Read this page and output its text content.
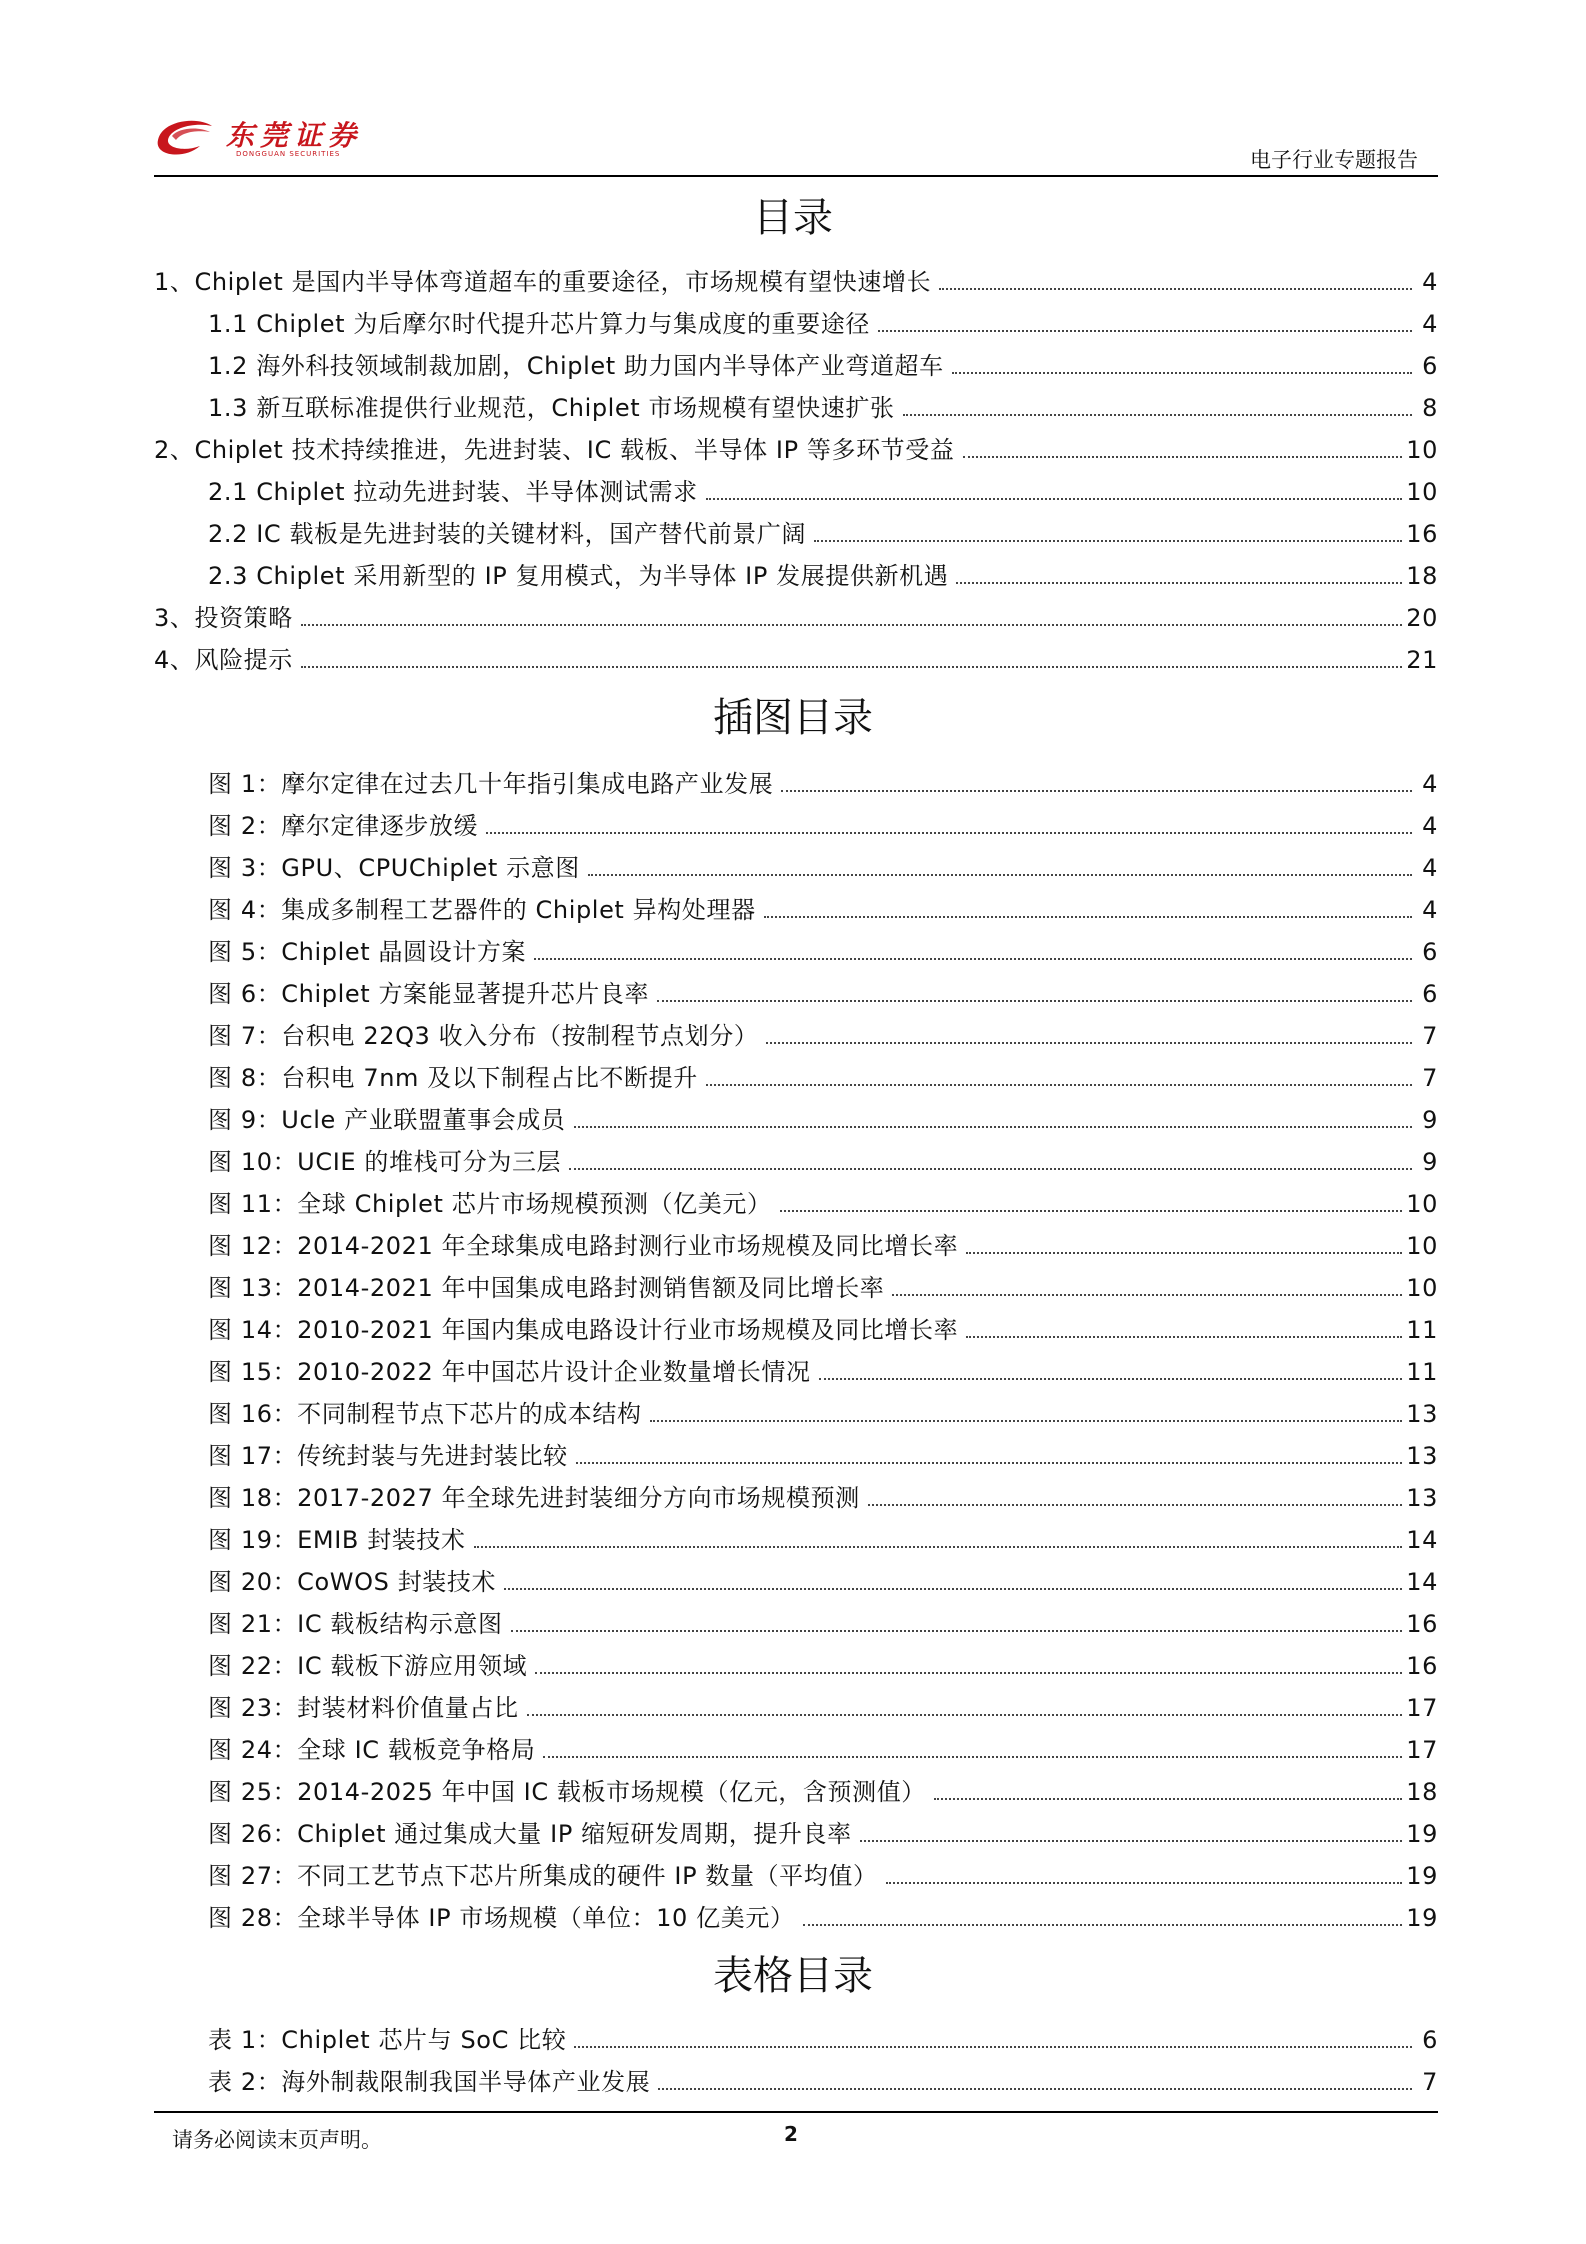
东莞证券
DONGGUAN SECURITIES	电子行业专题报告
目录
1、Chiplet 是国内半导体弯道超车的重要途径，市场规模有望快速增长	4
1.1 Chiplet 为后摩尔时代提升芯片算力与集成度的重要途径	4
1.2 海外科技领域制裁加剧，Chiplet 助力国内半导体产业弯道超车	6
1.3 新互联标准提供行业规范，Chiplet 市场规模有望快速扩张	8
2、Chiplet 技术持续推进，先进封装、IC 载板、半导体 IP 等多环节受益	10
2.1 Chiplet 拉动先进封装、半导体测试需求	10
2.2 IC 载板是先进封装的关键材料，国产替代前景广阔	16
2.3 Chiplet 采用新型的 IP 复用模式，为半导体 IP 发展提供新机遇	18
3、投资策略	20
4、风险提示	21
插图目录
图 1：摩尔定律在过去几十年指引集成电路产业发展	4
图 2：摩尔定律逐步放缓	4
图 3：GPU、CPUChiplet 示意图	4
图 4：集成多制程工艺器件的 Chiplet 异构处理器	4
图 5：Chiplet 晶圆设计方案	6
图 6：Chiplet 方案能显著提升芯片良率	6
图 7：台积电 22Q3 收入分布（按制程节点划分）	7
图 8：台积电 7nm 及以下制程占比不断提升	7
图 9：Ucle 产业联盟董事会成员	9
图 10：UCIE 的堆栈可分为三层	9
图 11：全球 Chiplet 芯片市场规模预测（亿美元）	10
图 12：2014-2021 年全球集成电路封测行业市场规模及同比增长率	10
图 13：2014-2021 年中国集成电路封测销售额及同比增长率	10
图 14：2010-2021 年国内集成电路设计行业市场规模及同比增长率	11
图 15：2010-2022 年中国芯片设计企业数量增长情况	11
图 16：不同制程节点下芯片的成本结构	13
图 17：传统封装与先进封装比较	13
图 18：2017-2027 年全球先进封装细分方向市场规模预测	13
图 19：EMIB 封装技术	14
图 20：CoWOS 封装技术	14
图 21：IC 载板结构示意图	16
图 22：IC 载板下游应用领域	16
图 23：封装材料价值量占比	17
图 24：全球 IC 载板竞争格局	17
图 25：2014-2025 年中国 IC 载板市场规模（亿元，含预测值）	18
图 26：Chiplet 通过集成大量 IP 缩短研发周期，提升良率	19
图 27：不同工艺节点下芯片所集成的硬件 IP 数量（平均值）	19
图 28：全球半导体 IP 市场规模（单位：10 亿美元）	19
表格目录
表 1：Chiplet 芯片与 SoC 比较	6
表 2：海外制裁限制我国半导体产业发展	7
请务必阅读末页声明。	2
